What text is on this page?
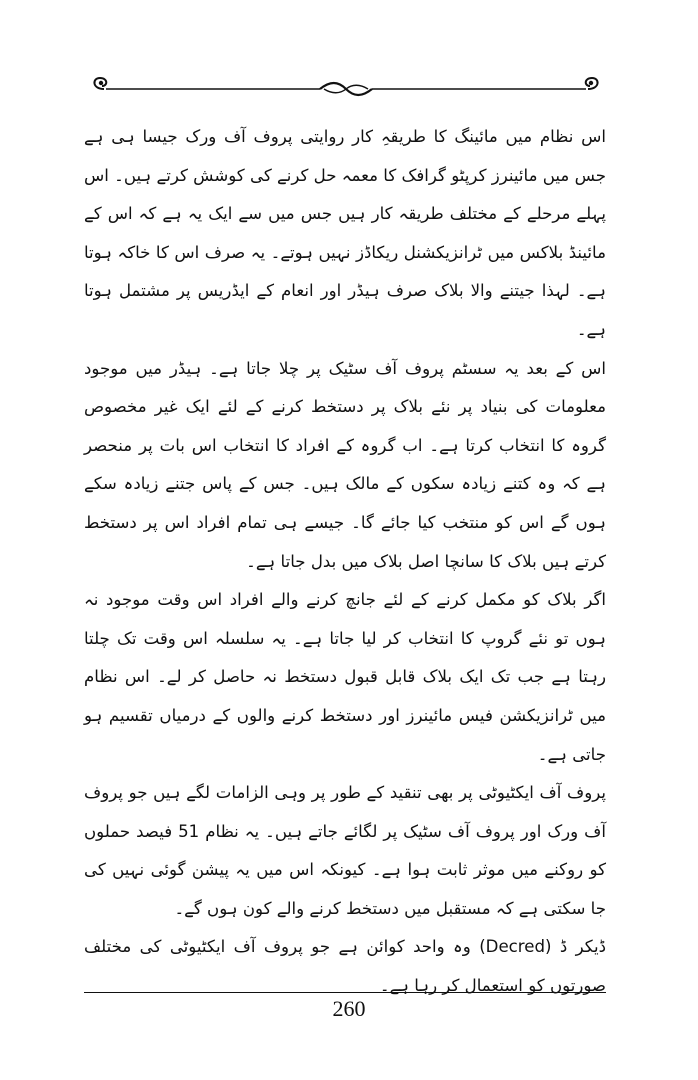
اس نظام میں مائینگ کا طریقہِ کار روایتی پروف آف ورک جیسا ہی ہے جس میں مائینرز کرپٹو گرافک کا معمہ حل کرنے کی کوشش کرتے ہیں۔ اس پہلے مرحلے کے مختلف طریقہ کار ہیں جس میں سے ایک یہ ہے کہ اس کے مائینڈ بلاکس میں ٹرانزیکشنل ریکاڈز نہیں ہوتے۔ یہ صرف اس کا خاکہ ہوتا ہے۔ لہذا جیتنے والا بلاک صرف ہیڈر اور انعام کے ایڈریس پر مشتمل ہوتا ہے۔

اس کے بعد یہ سسٹم پروف آف سٹیک پر چلا جاتا ہے۔ ہیڈر میں موجود معلومات کی بنیاد پر نئے بلاک پر دستخط کرنے کے لئے ایک غیر مخصوص گروہ کا انتخاب کرتا ہے۔ اب گروہ کے افراد کا انتخاب اس بات پر منحصر ہے کہ وہ کتنے زیادہ سکوں کے مالک ہیں۔ جس کے پاس جتنے زیادہ سکے ہوں گے اس کو منتخب کیا جائے گا۔ جیسے ہی تمام افراد اس پر دستخط کرتے ہیں بلاک کا سانچا اصل بلاک میں بدل جاتا ہے۔

اگر بلاک کو مکمل کرنے کے لئے جانچ کرنے والے افراد اس وقت موجود نہ ہوں تو نئے گروپ کا انتخاب کر لیا جاتا ہے۔ یہ سلسلہ اس وقت تک چلتا رہتا ہے جب تک ایک بلاک قابل قبول دستخط نہ حاصل کر لے۔ اس نظام میں ٹرانزیکشن فیس مائینرز اور دستخط کرنے والوں کے درمیاں تقسیم ہو جاتی ہے۔

پروف آف ایکٹیوٹی پر بھی تنقید کے طور پر وہی الزامات لگے ہیں جو پروف آف ورک اور پروف آف سٹیک پر لگائے جاتے ہیں۔ یہ نظام 51 فیصد حملوں کو روکنے میں موثر ثابت ہوا ہے۔ کیونکہ اس میں یہ پیشن گوئی نہیں کی جا سکتی ہے کہ مستقبل میں دستخط کرنے والے کون ہوں گے۔

ڈیکر ڈ (Decred) وہ واحد کوائن ہے جو پروف آف ایکٹیوٹی کی مختلف صورتوں کو استعمال کر رہا ہے۔

260
